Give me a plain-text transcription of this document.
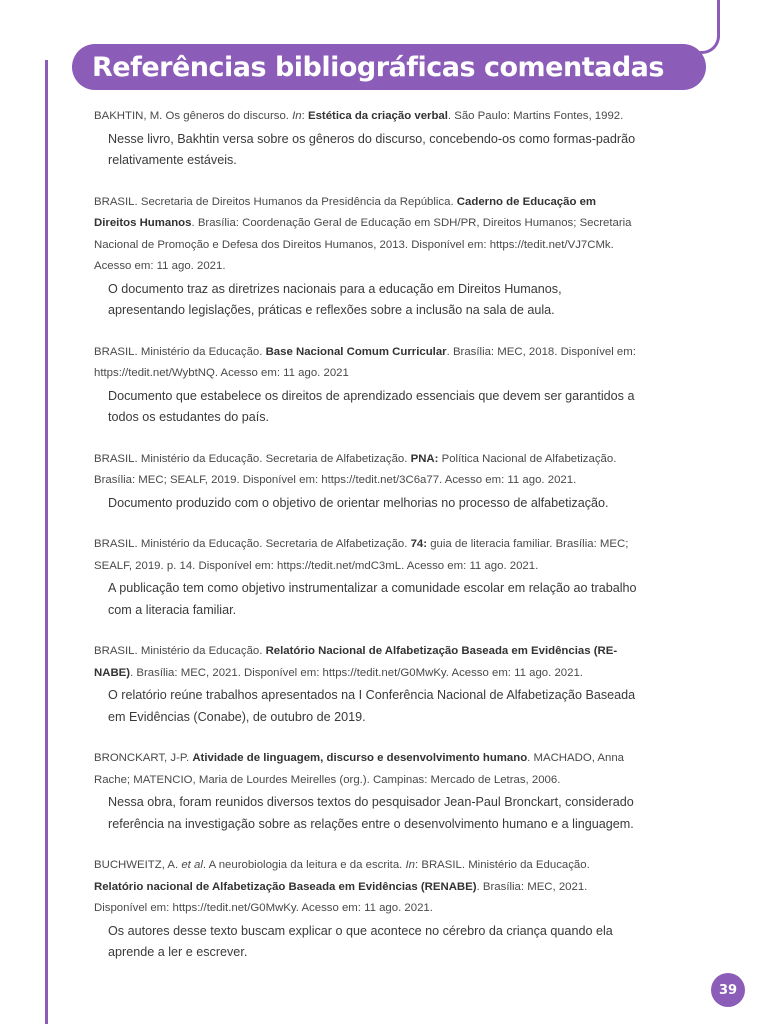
Referências bibliográficas comentadas
BAKHTIN, M. Os gêneros do discurso. In: Estética da criação verbal. São Paulo: Martins Fontes, 1992.
Nesse livro, Bakhtin versa sobre os gêneros do discurso, concebendo-os como formas-padrão relativamente estáveis.
BRASIL. Secretaria de Direitos Humanos da Presidência da República. Caderno de Educação em Direitos Humanos. Brasília: Coordenação Geral de Educação em SDH/PR, Direitos Humanos; Secretaria Nacional de Promoção e Defesa dos Direitos Humanos, 2013. Disponível em: https://tedit.net/VJ7CMk. Acesso em: 11 ago. 2021.
O documento traz as diretrizes nacionais para a educação em Direitos Humanos, apresentando legislações, práticas e reflexões sobre a inclusão na sala de aula.
BRASIL. Ministério da Educação. Base Nacional Comum Curricular. Brasília: MEC, 2018. Disponível em: https://tedit.net/WybtNQ. Acesso em: 11 ago. 2021
Documento que estabelece os direitos de aprendizado essenciais que devem ser garantidos a todos os estudantes do país.
BRASIL. Ministério da Educação. Secretaria de Alfabetização. PNA: Política Nacional de Alfabetização. Brasília: MEC; SEALF, 2019. Disponível em: https://tedit.net/3C6a77. Acesso em: 11 ago. 2021.
Documento produzido com o objetivo de orientar melhorias no processo de alfabetização.
BRASIL. Ministério da Educação. Secretaria de Alfabetização. 74: guia de literacia familiar. Brasília: MEC; SEALF, 2019. p. 14. Disponível em: https://tedit.net/mdC3mL. Acesso em: 11 ago. 2021.
A publicação tem como objetivo instrumentalizar a comunidade escolar em relação ao trabalho com a literacia familiar.
BRASIL. Ministério da Educação. Relatório Nacional de Alfabetização Baseada em Evidências (RE-NABE). Brasília: MEC, 2021. Disponível em: https://tedit.net/G0MwKy. Acesso em: 11 ago. 2021.
O relatório reúne trabalhos apresentados na I Conferência Nacional de Alfabetização Baseada em Evidências (Conabe), de outubro de 2019.
BRONCKART, J-P. Atividade de linguagem, discurso e desenvolvimento humano. MACHADO, Anna Rache; MATENCIO, Maria de Lourdes Meirelles (org.). Campinas: Mercado de Letras, 2006.
Nessa obra, foram reunidos diversos textos do pesquisador Jean-Paul Bronckart, considerado referência na investigação sobre as relações entre o desenvolvimento humano e a linguagem.
BUCHWEITZ, A. et al. A neurobiologia da leitura e da escrita. In: BRASIL. Ministério da Educação. Relatório nacional de Alfabetização Baseada em Evidências (RENABE). Brasília: MEC, 2021. Disponível em: https://tedit.net/G0MwKy. Acesso em: 11 ago. 2021.
Os autores desse texto buscam explicar o que acontece no cérebro da criança quando ela aprende a ler e escrever.
39
